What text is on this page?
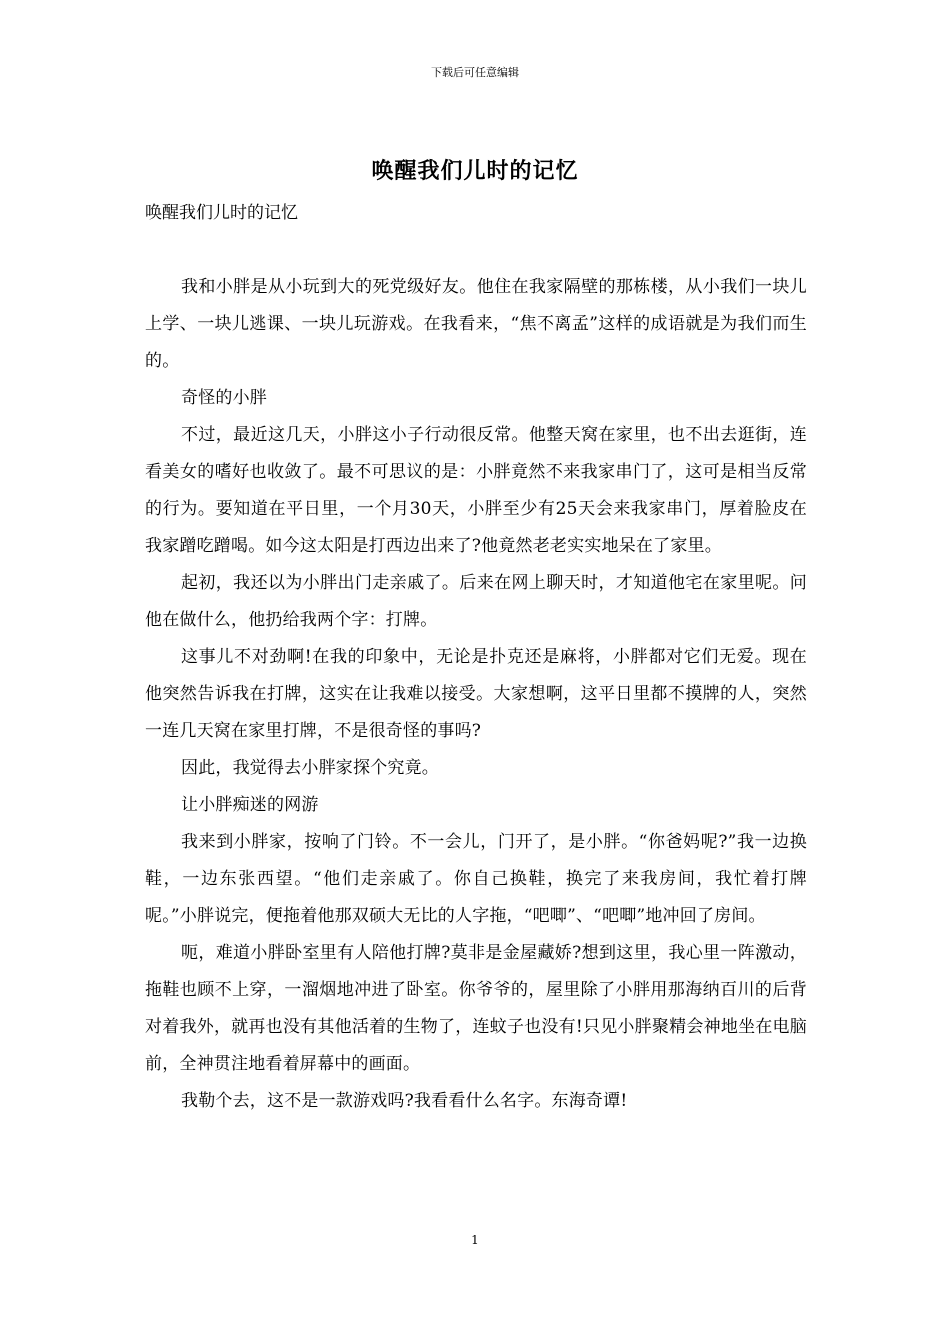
下载后可任意编辑
唤醒我们儿时的记忆
唤醒我们儿时的记忆

我和小胖是从小玩到大的死党级好友。他住在我家隔壁的那栋楼，从小我们一块儿上学、一块儿逃课、一块儿玩游戏。在我看来，“焦不离孟”这样的成语就是为我们而生的。

奇怪的小胖

不过，最近这几天，小胖这小子行动很反常。他整天窝在家里，也不出去逛街，连看美女的嗜好也收敛了。最不可思议的是：小胖竟然不来我家串门了，这可是相当反常的行为。要知道在平日里，一个月30天，小胖至少有25天会来我家串门，厚着脸皮在我家蹭吃蹭喝。如今这太阳是打西边出来了?他竟然老老实实地呆在了家里。

起初，我还以为小胖出门走亲戚了。后来在网上聊天时，才知道他宅在家里呢。问他在做什么，他扔给我两个字：打牌。

这事儿不对劲啊!在我的印象中，无论是扑克还是麻将，小胖都对它们无爱。现在他突然告诉我在打牌，这实在让我难以接受。大家想啊，这平日里都不摸牌的人，突然一连几天窝在家里打牌，不是很奇怪的事吗?

因此，我觉得去小胖家探个究竟。

让小胖痴迷的网游

我来到小胖家，按响了门铃。不一会儿，门开了，是小胖。“你爸妈呢?”我一边换鞋，一边东张西望。“他们走亲戚了。你自己换鞋，换完了来我房间，我忙着打牌呢。”小胖说完，便拖着他那双硕大无比的人字拖，“吧唧”、“吧唧”地冲回了房间。

呃，难道小胖卧室里有人陪他打牌?莫非是金屋藏娇?想到这里，我心里一阵激动，拖鞋也顾不上穿，一溜烟地冲进了卧室。你爷爷的，屋里除了小胖用那海纳百川的后背对着我外，就再也没有其他活着的生物了，连蚊子也没有!只见小胖聚精会神地坐在电脑前，全神贯注地看着屏幕中的画面。

我勒个去，这不是一款游戏吗?我看看什么名字。东海奇谭!

1
